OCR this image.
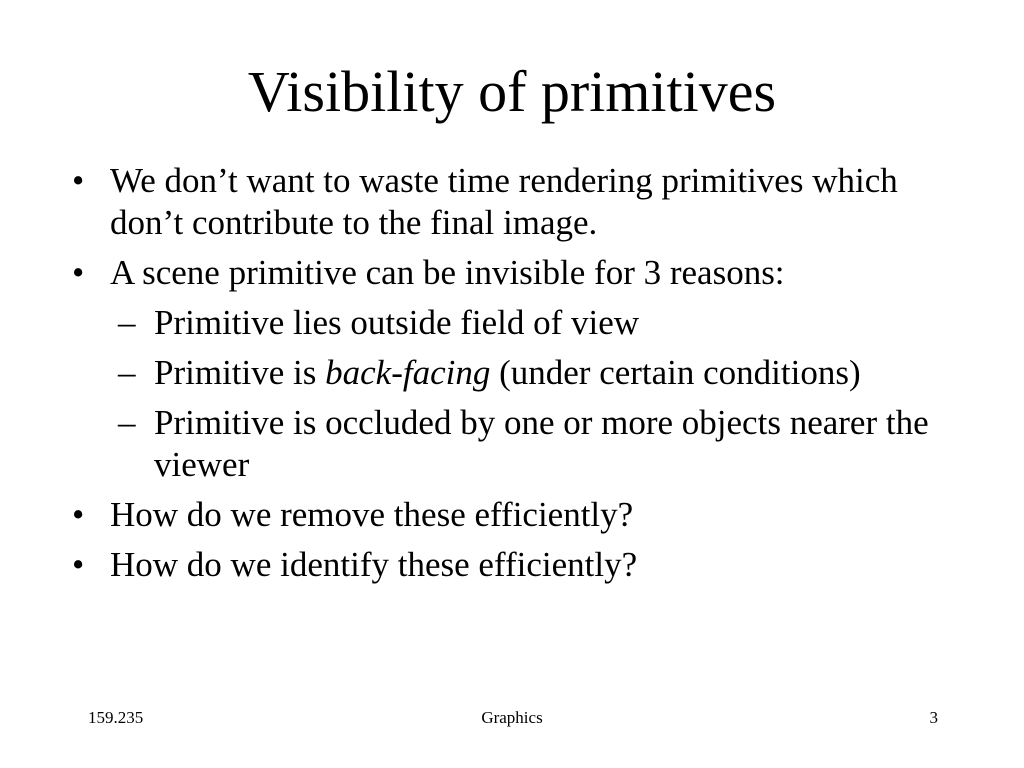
Visibility of primitives
• We don’t want to waste time rendering primitives which don’t contribute to the final image.
• A scene primitive can be invisible for 3 reasons:
– Primitive lies outside field of view
– Primitive is back-facing (under certain conditions)
– Primitive is occluded by one or more objects nearer the viewer
• How do we remove these efficiently?
• How do we identify these efficiently?
159.235	Graphics	3
